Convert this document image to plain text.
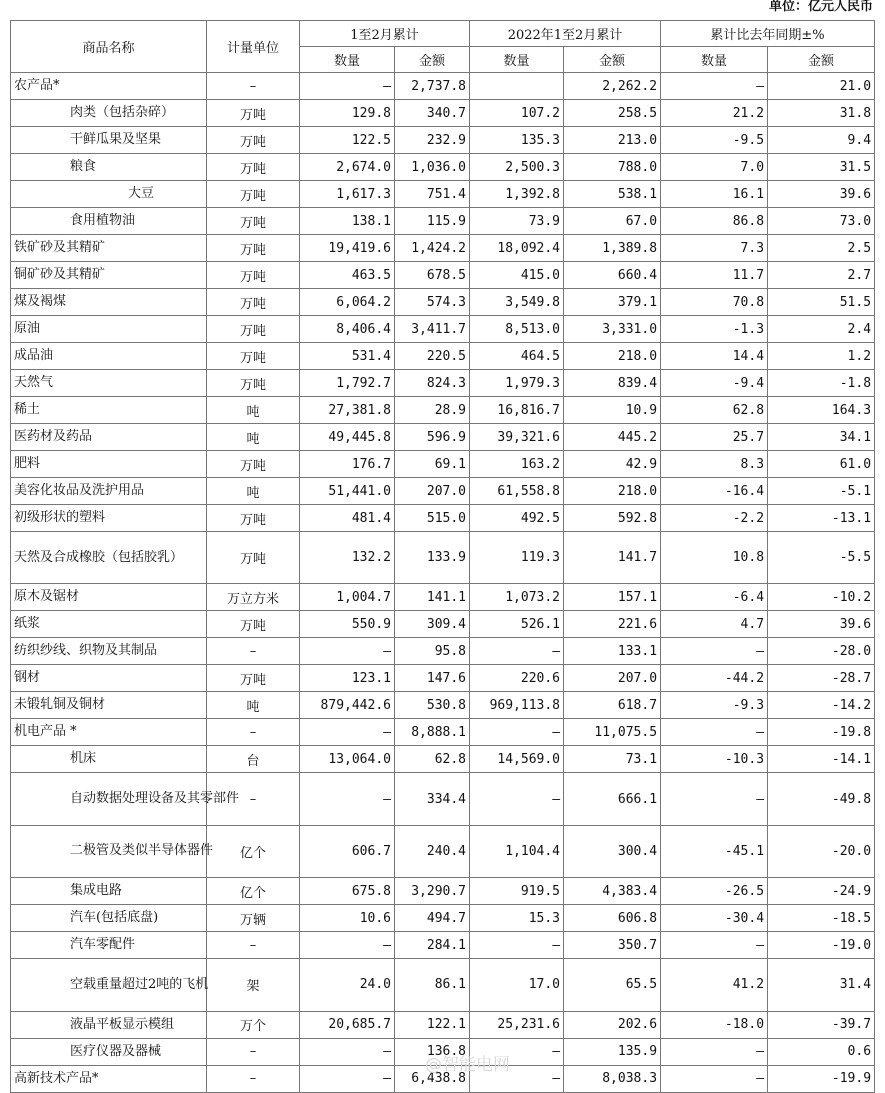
单位：亿元人民币
商品名称	计量单位	1至2月累计		2022年1至2月累计		累计比去年同期±%	
		数量	金额	数量	金额	数量	金额
农产品*	–	–	2,737.8		2,262.2	–	21.0
肉类（包括杂碎）	万吨	129.8	340.7	107.2	258.5	21.2	31.8
干鲜瓜果及坚果	万吨	122.5	232.9	135.3	213.0	-9.5	9.4
粮食	万吨	2,674.0	1,036.0	2,500.3	788.0	7.0	31.5
大豆	万吨	1,617.3	751.4	1,392.8	538.1	16.1	39.6
食用植物油	万吨	138.1	115.9	73.9	67.0	86.8	73.0
铁矿砂及其精矿	万吨	19,419.6	1,424.2	18,092.4	1,389.8	7.3	2.5
铜矿砂及其精矿	万吨	463.5	678.5	415.0	660.4	11.7	2.7
煤及褐煤	万吨	6,064.2	574.3	3,549.8	379.1	70.8	51.5
原油	万吨	8,406.4	3,411.7	8,513.0	3,331.0	-1.3	2.4
成品油	万吨	531.4	220.5	464.5	218.0	14.4	1.2
天然气	万吨	1,792.7	824.3	1,979.3	839.4	-9.4	-1.8
稀土	吨	27,381.8	28.9	16,816.7	10.9	62.8	164.3
医药材及药品	吨	49,445.8	596.9	39,321.6	445.2	25.7	34.1
肥料	万吨	176.7	69.1	163.2	42.9	8.3	61.0
美容化妆品及洗护用品	吨	51,441.0	207.0	61,558.8	218.0	-16.4	-5.1
初级形状的塑料	万吨	481.4	515.0	492.5	592.8	-2.2	-13.1
天然及合成橡胶（包括胶乳）	万吨	132.2	133.9	119.3	141.7	10.8	-5.5
原木及锯材	万立方米	1,004.7	141.1	1,073.2	157.1	-6.4	-10.2
纸浆	万吨	550.9	309.4	526.1	221.6	4.7	39.6
纺织纱线、织物及其制品	–	–	95.8	–	133.1	–	-28.0
钢材	万吨	123.1	147.6	220.6	207.0	-44.2	-28.7
未锻轧铜及铜材	吨	879,442.6	530.8	969,113.8	618.7	-9.3	-14.2
机电产品 *	–	–	8,888.1	–	11,075.5	–	-19.8
机床	台	13,064.0	62.8	14,569.0	73.1	-10.3	-14.1
自动数据处理设备及其零部件	–	–	334.4	–	666.1	–	-49.8
二极管及类似半导体器件	亿个	606.7	240.4	1,104.4	300.4	-45.1	-20.0
集成电路	亿个	675.8	3,290.7	919.5	4,383.4	-26.5	-24.9
汽车(包括底盘)	万辆	10.6	494.7	15.3	606.8	-30.4	-18.5
汽车零配件	–	–	284.1	–	350.7	–	-19.0
空载重量超过2吨的飞机	架	24.0	86.1	17.0	65.5	41.2	31.4
液晶平板显示模组	万个	20,685.7	122.1	25,231.6	202.6	-18.0	-39.7
医疗仪器及器械	–	–	136.8	–	135.9	–	0.6
高新技术产品*	–	–	6,438.8	–	8,038.3	–	-19.9
@智能电网
